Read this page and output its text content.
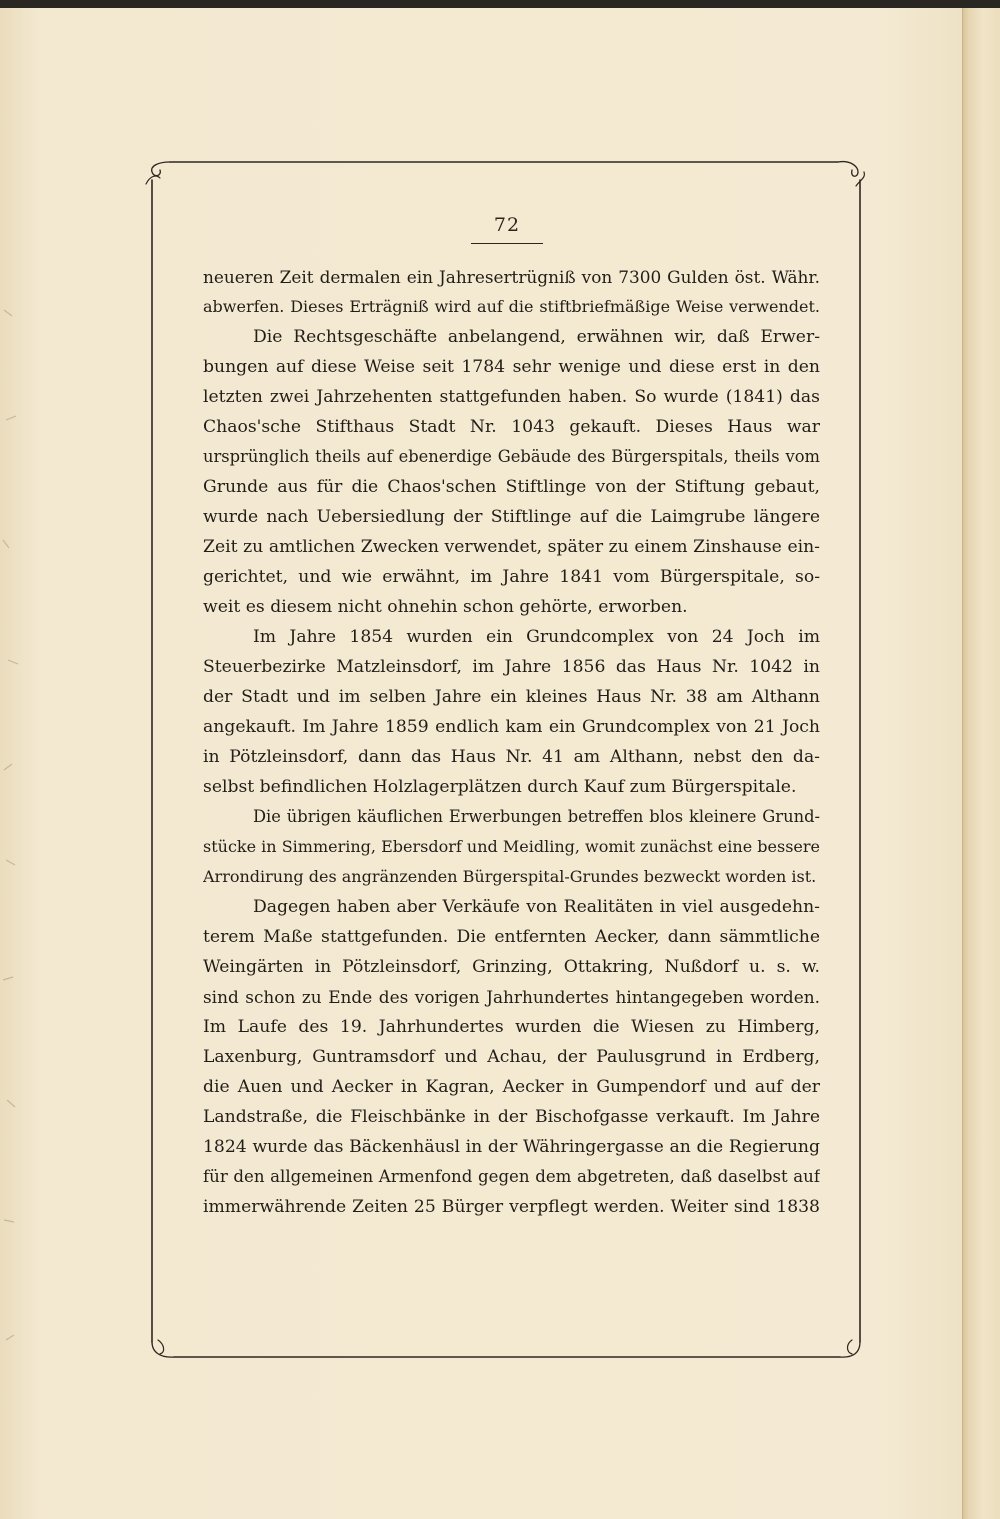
72
neueren Zeit dermalen ein Jahresertrügniß von 7300 Gulden öst. Währ.
abwerfen. Dieses Erträgniß wird auf die stiftbriefmäßige Weise verwendet.
Die Rechtsgeschäfte anbelangend, erwähnen wir, daß Erwer-
bungen auf diese Weise seit 1784 sehr wenige und diese erst in den
letzten zwei Jahrzehenten stattgefunden haben. So wurde (1841) das
Chaos'sche Stifthaus Stadt Nr. 1043 gekauft. Dieses Haus war
ursprünglich theils auf ebenerdige Gebäude des Bürgerspitals, theils vom
Grunde aus für die Chaos'schen Stiftlinge von der Stiftung gebaut,
wurde nach Uebersiedlung der Stiftlinge auf die Laimgrube längere
Zeit zu amtlichen Zwecken verwendet, später zu einem Zinshause ein-
gerichtet, und wie erwähnt, im Jahre 1841 vom Bürgerspitale, so-
weit es diesem nicht ohnehin schon gehörte, erworben.
Im Jahre 1854 wurden ein Grundcomplex von 24 Joch im
Steuerbezirke Matzleinsdorf, im Jahre 1856 das Haus Nr. 1042 in
der Stadt und im selben Jahre ein kleines Haus Nr. 38 am Althann
angekauft. Im Jahre 1859 endlich kam ein Grundcomplex von 21 Joch
in Pötzleinsdorf, dann das Haus Nr. 41 am Althann, nebst den da-
selbst befindlichen Holzlagerplätzen durch Kauf zum Bürgerspitale.
Die übrigen käuflichen Erwerbungen betreffen blos kleinere Grund-
stücke in Simmering, Ebersdorf und Meidling, womit zunächst eine bessere
Arrondirung des angränzenden Bürgerspital-Grundes bezweckt worden ist.
Dagegen haben aber Verkäufe von Realitäten in viel ausgedehn-
terem Maße stattgefunden. Die entfernten Aecker, dann sämmtliche
Weingärten in Pötzleinsdorf, Grinzing, Ottakring, Nußdorf u. s. w.
sind schon zu Ende des vorigen Jahrhundertes hintangegeben worden.
Im Laufe des 19. Jahrhundertes wurden die Wiesen zu Himberg,
Laxenburg, Guntramsdorf und Achau, der Paulusgrund in Erdberg,
die Auen und Aecker in Kagran, Aecker in Gumpendorf und auf der
Landstraße, die Fleischbänke in der Bischofgasse verkauft. Im Jahre
1824 wurde das Bäckenhäusl in der Währingergasse an die Regierung
für den allgemeinen Armenfond gegen dem abgetreten, daß daselbst auf
immerwährende Zeiten 25 Bürger verpflegt werden. Weiter sind 1838
